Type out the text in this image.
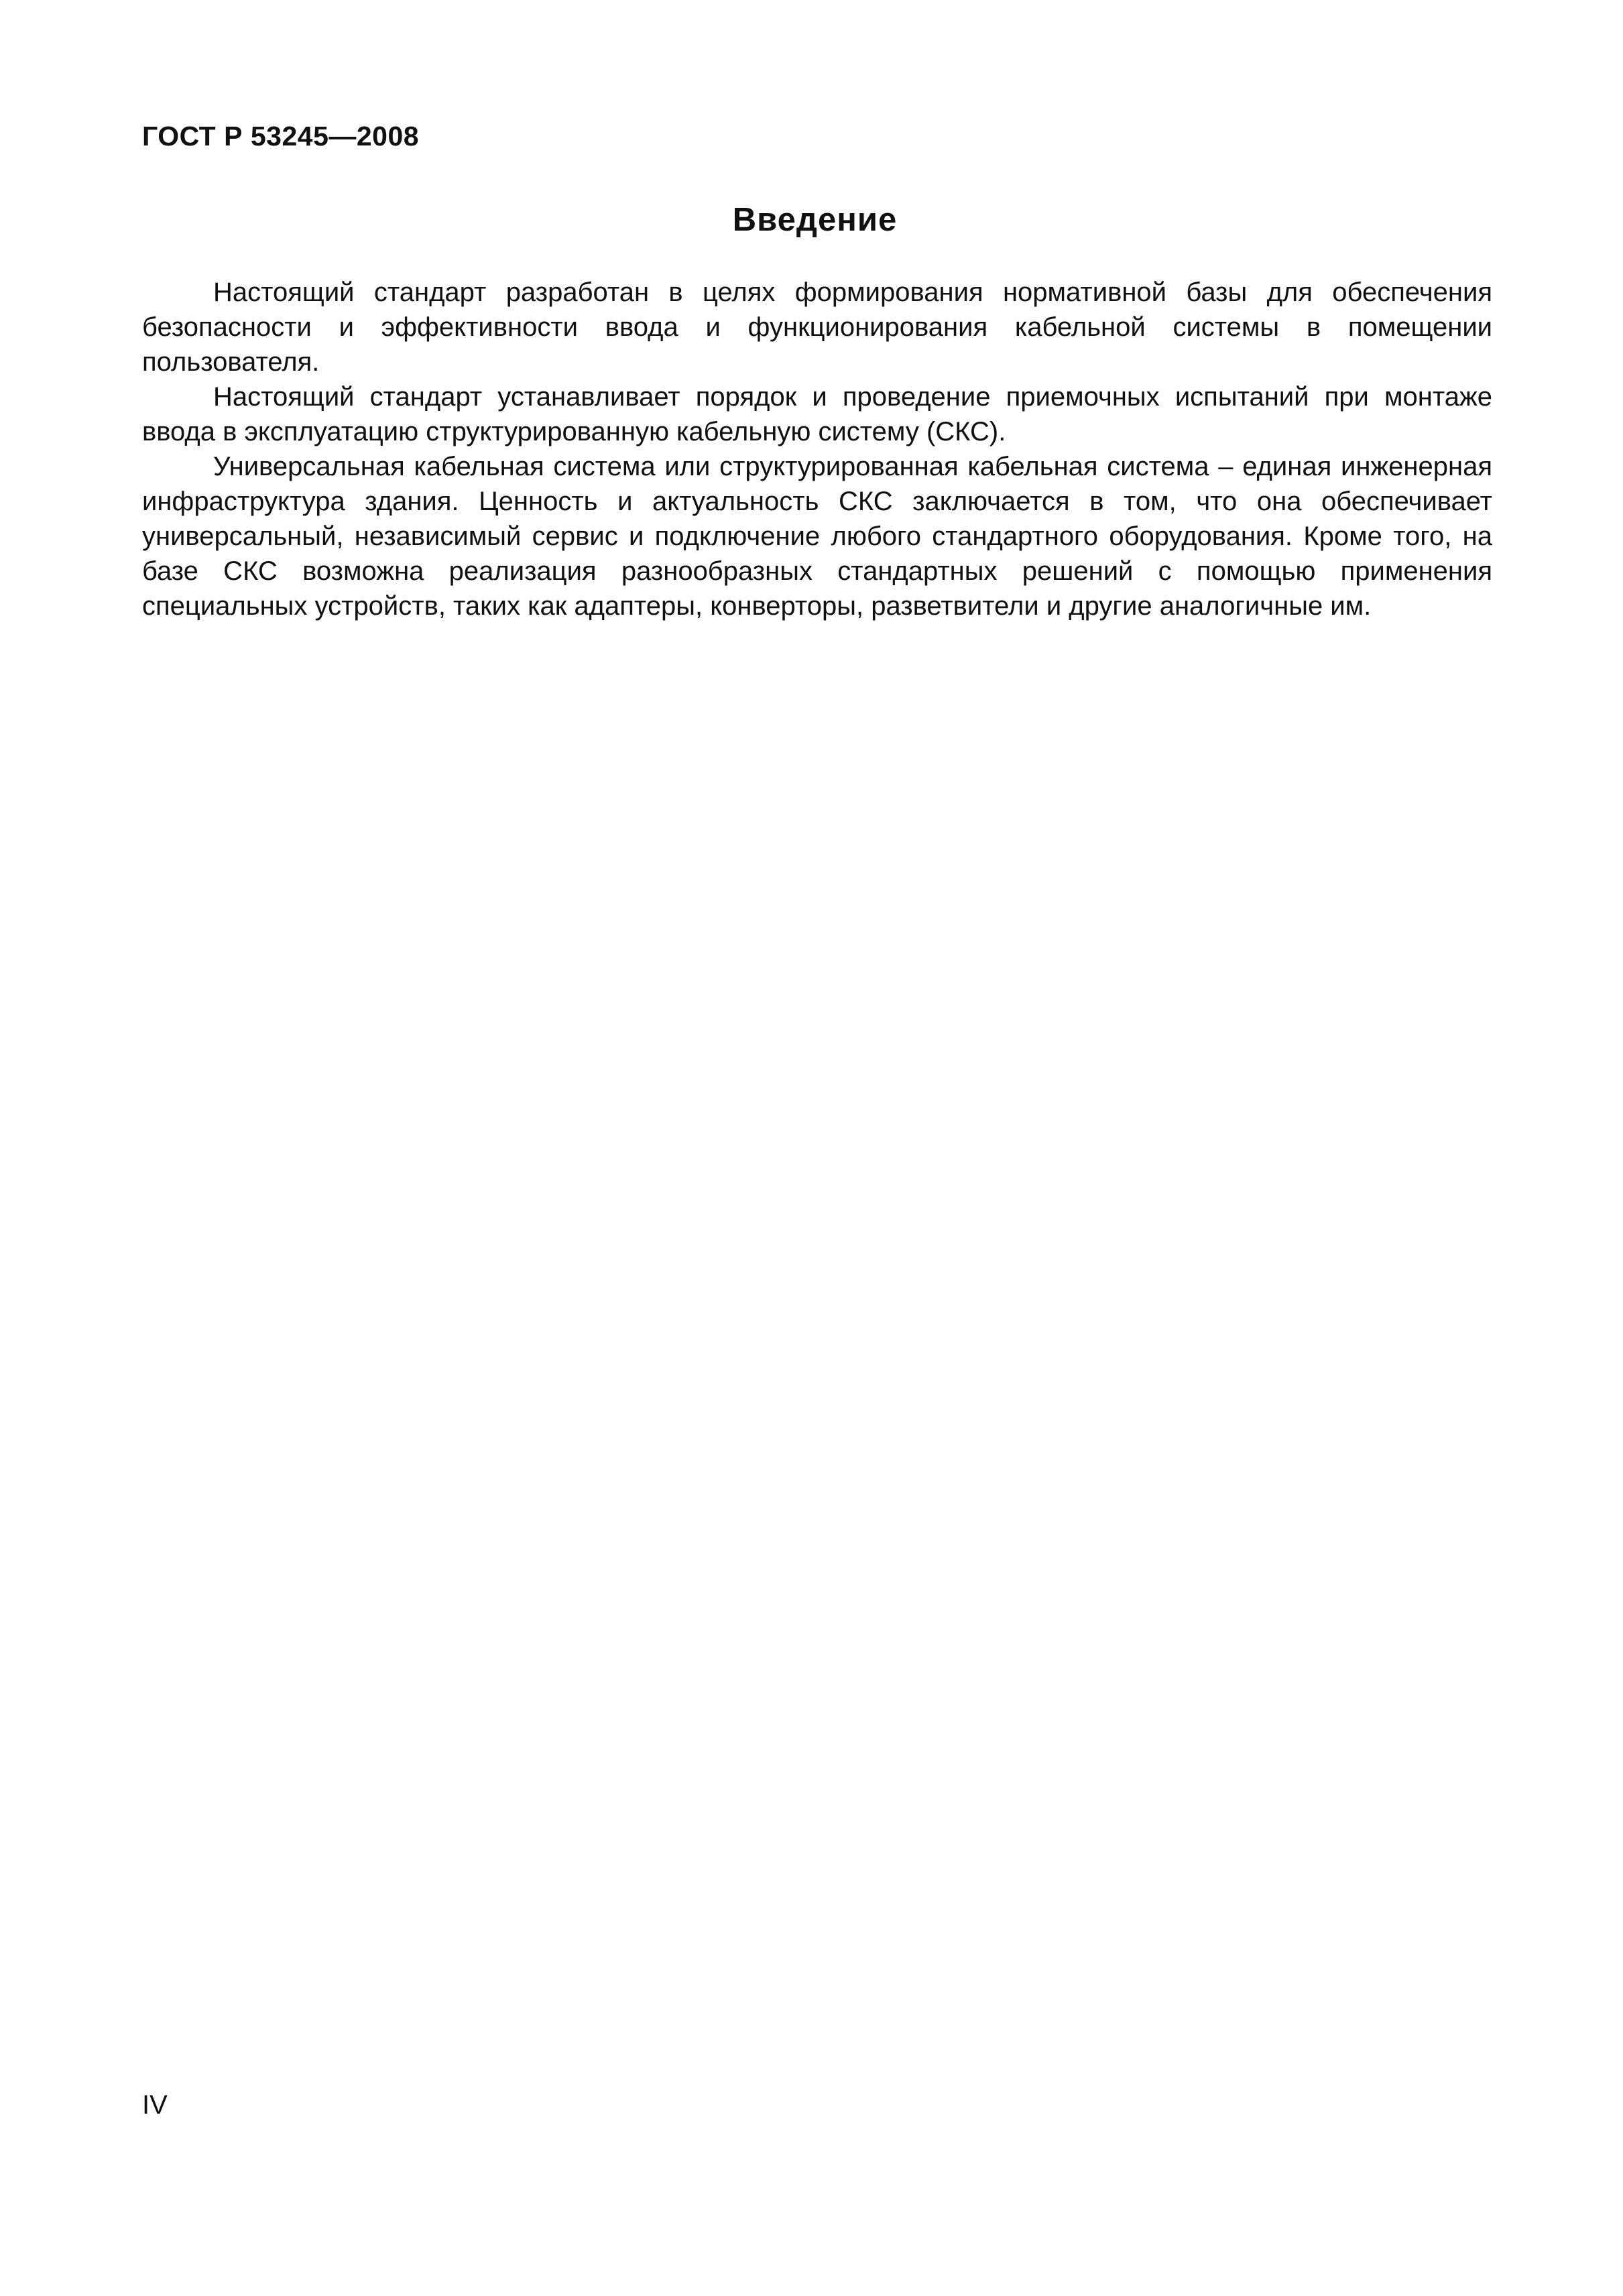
ГОСТ Р 53245—2008
Введение

Настоящий стандарт разработан в целях формирования нормативной базы для обеспечения безопасности и эффективности ввода и функционирования кабельной системы в помещении пользователя.

Настоящий стандарт устанавливает порядок и проведение приемочных испытаний при монтаже ввода в эксплуатацию структурированную кабельную систему (СКС).

Универсальная кабельная система или структурированная кабельная система – единая инженерная инфраструктура здания. Ценность и актуальность СКС заключается в том, что она обеспечивает универсальный, независимый сервис и подключение любого стандартного оборудования. Кроме того, на базе СКС возможна реализация разнообразных стандартных решений с помощью применения специальных устройств, таких как адаптеры, конверторы, разветвители и другие аналогичные им.

IV
